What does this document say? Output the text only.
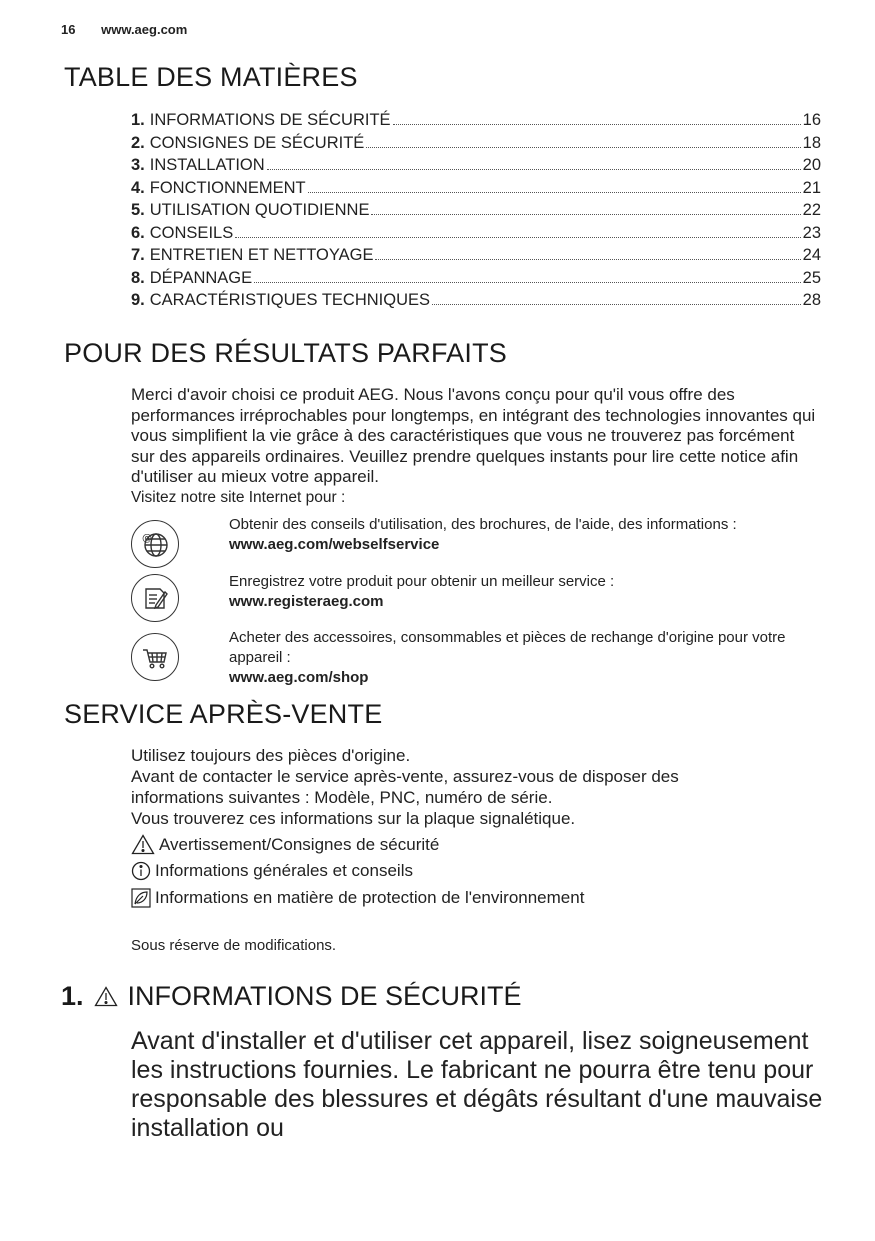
16 www.aeg.com
TABLE DES MATIÈRES
1. INFORMATIONS DE SÉCURITÉ	16
2. CONSIGNES DE SÉCURITÉ	18
3. INSTALLATION	20
4. FONCTIONNEMENT	21
5. UTILISATION QUOTIDIENNE	22
6. CONSEILS	23
7. ENTRETIEN ET NETTOYAGE	24
8. DÉPANNAGE	25
9. CARACTÉRISTIQUES TECHNIQUES	28
POUR DES RÉSULTATS PARFAITS
Merci d'avoir choisi ce produit AEG. Nous l'avons conçu pour qu'il vous offre des performances irréprochables pour longtemps, en intégrant des technologies innovantes qui vous simplifient la vie grâce à des caractéristiques que vous ne trouverez pas forcément sur des appareils ordinaires. Veuillez prendre quelques instants pour lire cette notice afin d'utiliser au mieux votre appareil.
Visitez notre site Internet pour :
@
Obtenir des conseils d'utilisation, des brochures, de l'aide, des informations :
www.aeg.com/webselfservice
Enregistrez votre produit pour obtenir un meilleur service :
www.registeraeg.com
Acheter des accessoires, consommables et pièces de rechange d'origine pour votre appareil :
www.aeg.com/shop
SERVICE APRÈS-VENTE
Utilisez toujours des pièces d'origine.
Avant de contacter le service après-vente, assurez-vous de disposer des informations suivantes : Modèle, PNC, numéro de série.
Vous trouverez ces informations sur la plaque signalétique.
Avertissement/Consignes de sécurité
Informations générales et conseils
Informations en matière de protection de l'environnement
Sous réserve de modifications.
1. INFORMATIONS DE SÉCURITÉ
Avant d'installer et d'utiliser cet appareil, lisez soigneusement les instructions fournies. Le fabricant ne pourra être tenu pour responsable des blessures et dégâts résultant d'une mauvaise installation ou
